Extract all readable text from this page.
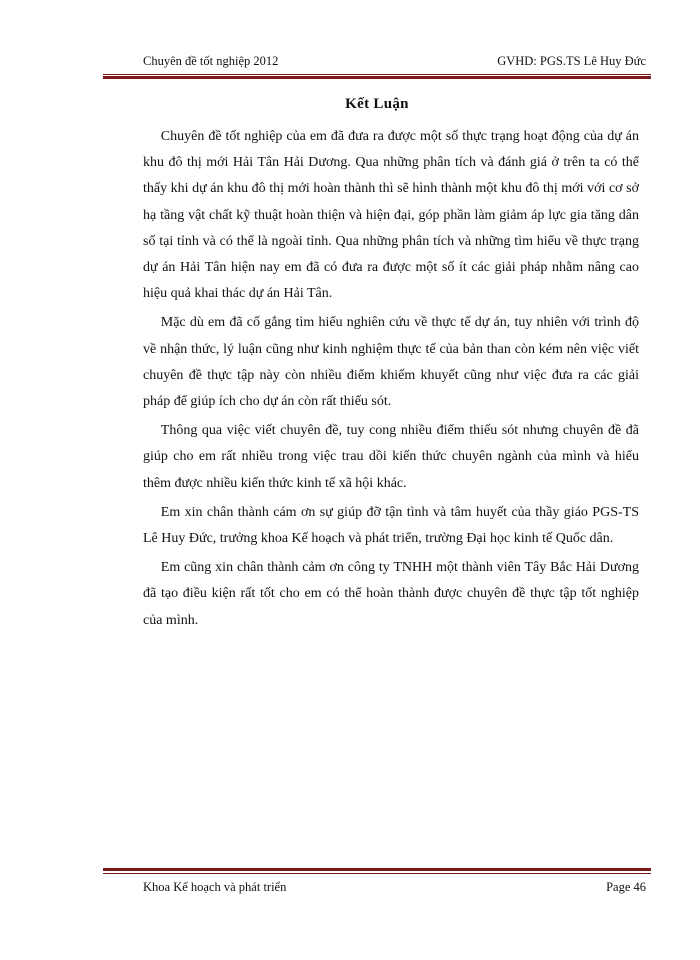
Chuyên đề tốt nghiệp 2012	GVHD: PGS.TS Lê Huy Đức
Kết Luận

Chuyên đề tốt nghiệp của em đã đưa ra được một số thực trạng hoạt động của dự án khu đô thị mới Hải Tân Hải Dương. Qua những phân tích và đánh giá ở trên ta có thể thấy khi dự án khu đô thị mới hoàn thành thì sẽ hình thành một khu đô thị mới với cơ sở hạ tầng vật chất kỹ thuật hoàn thiện và hiện đại, góp phần làm giảm áp lực gia tăng dân số tại tỉnh và có thể là ngoài tỉnh. Qua những phân tích và những tìm hiểu về thực trạng dự án Hải Tân hiện nay em đã có đưa ra được một số ít các giải pháp nhằm nâng cao hiệu quả khai thác dự án Hải Tân.

Mặc dù em đã cố gắng tìm hiểu nghiên cứu về thực tế dự án, tuy nhiên với trình độ về nhận thức, lý luận cũng như kinh nghiệm thực tế của bản than còn kém nên việc viết chuyên đề thực tập này còn nhiều điểm khiếm khuyết cũng như việc đưa ra các giải pháp để giúp ích cho dự án còn rất thiếu sót.

Thông qua việc viết chuyên đề, tuy cong nhiều điểm thiếu sót nhưng chuyên đề đã giúp cho em rất nhiều trong việc trau dồi kiến thức chuyên ngành của mình và hiểu thêm được nhiều kiến thức kinh tế xã hội khác.

Em xin chân thành cám ơn sự giúp đỡ tận tình và tâm huyết của thầy giáo PGS-TS Lê Huy Đức, trưởng khoa Kế hoạch và phát triển, trường Đại học kinh tế Quốc dân.

Em cũng xin chân thành cảm ơn công ty TNHH một thành viên Tây Bắc Hải Dương đã tạo điều kiện rất tốt cho em có thể hoàn thành được chuyên đề thực tập tốt nghiệp của mình.

Khoa Kế hoạch và phát triển	Page 46
